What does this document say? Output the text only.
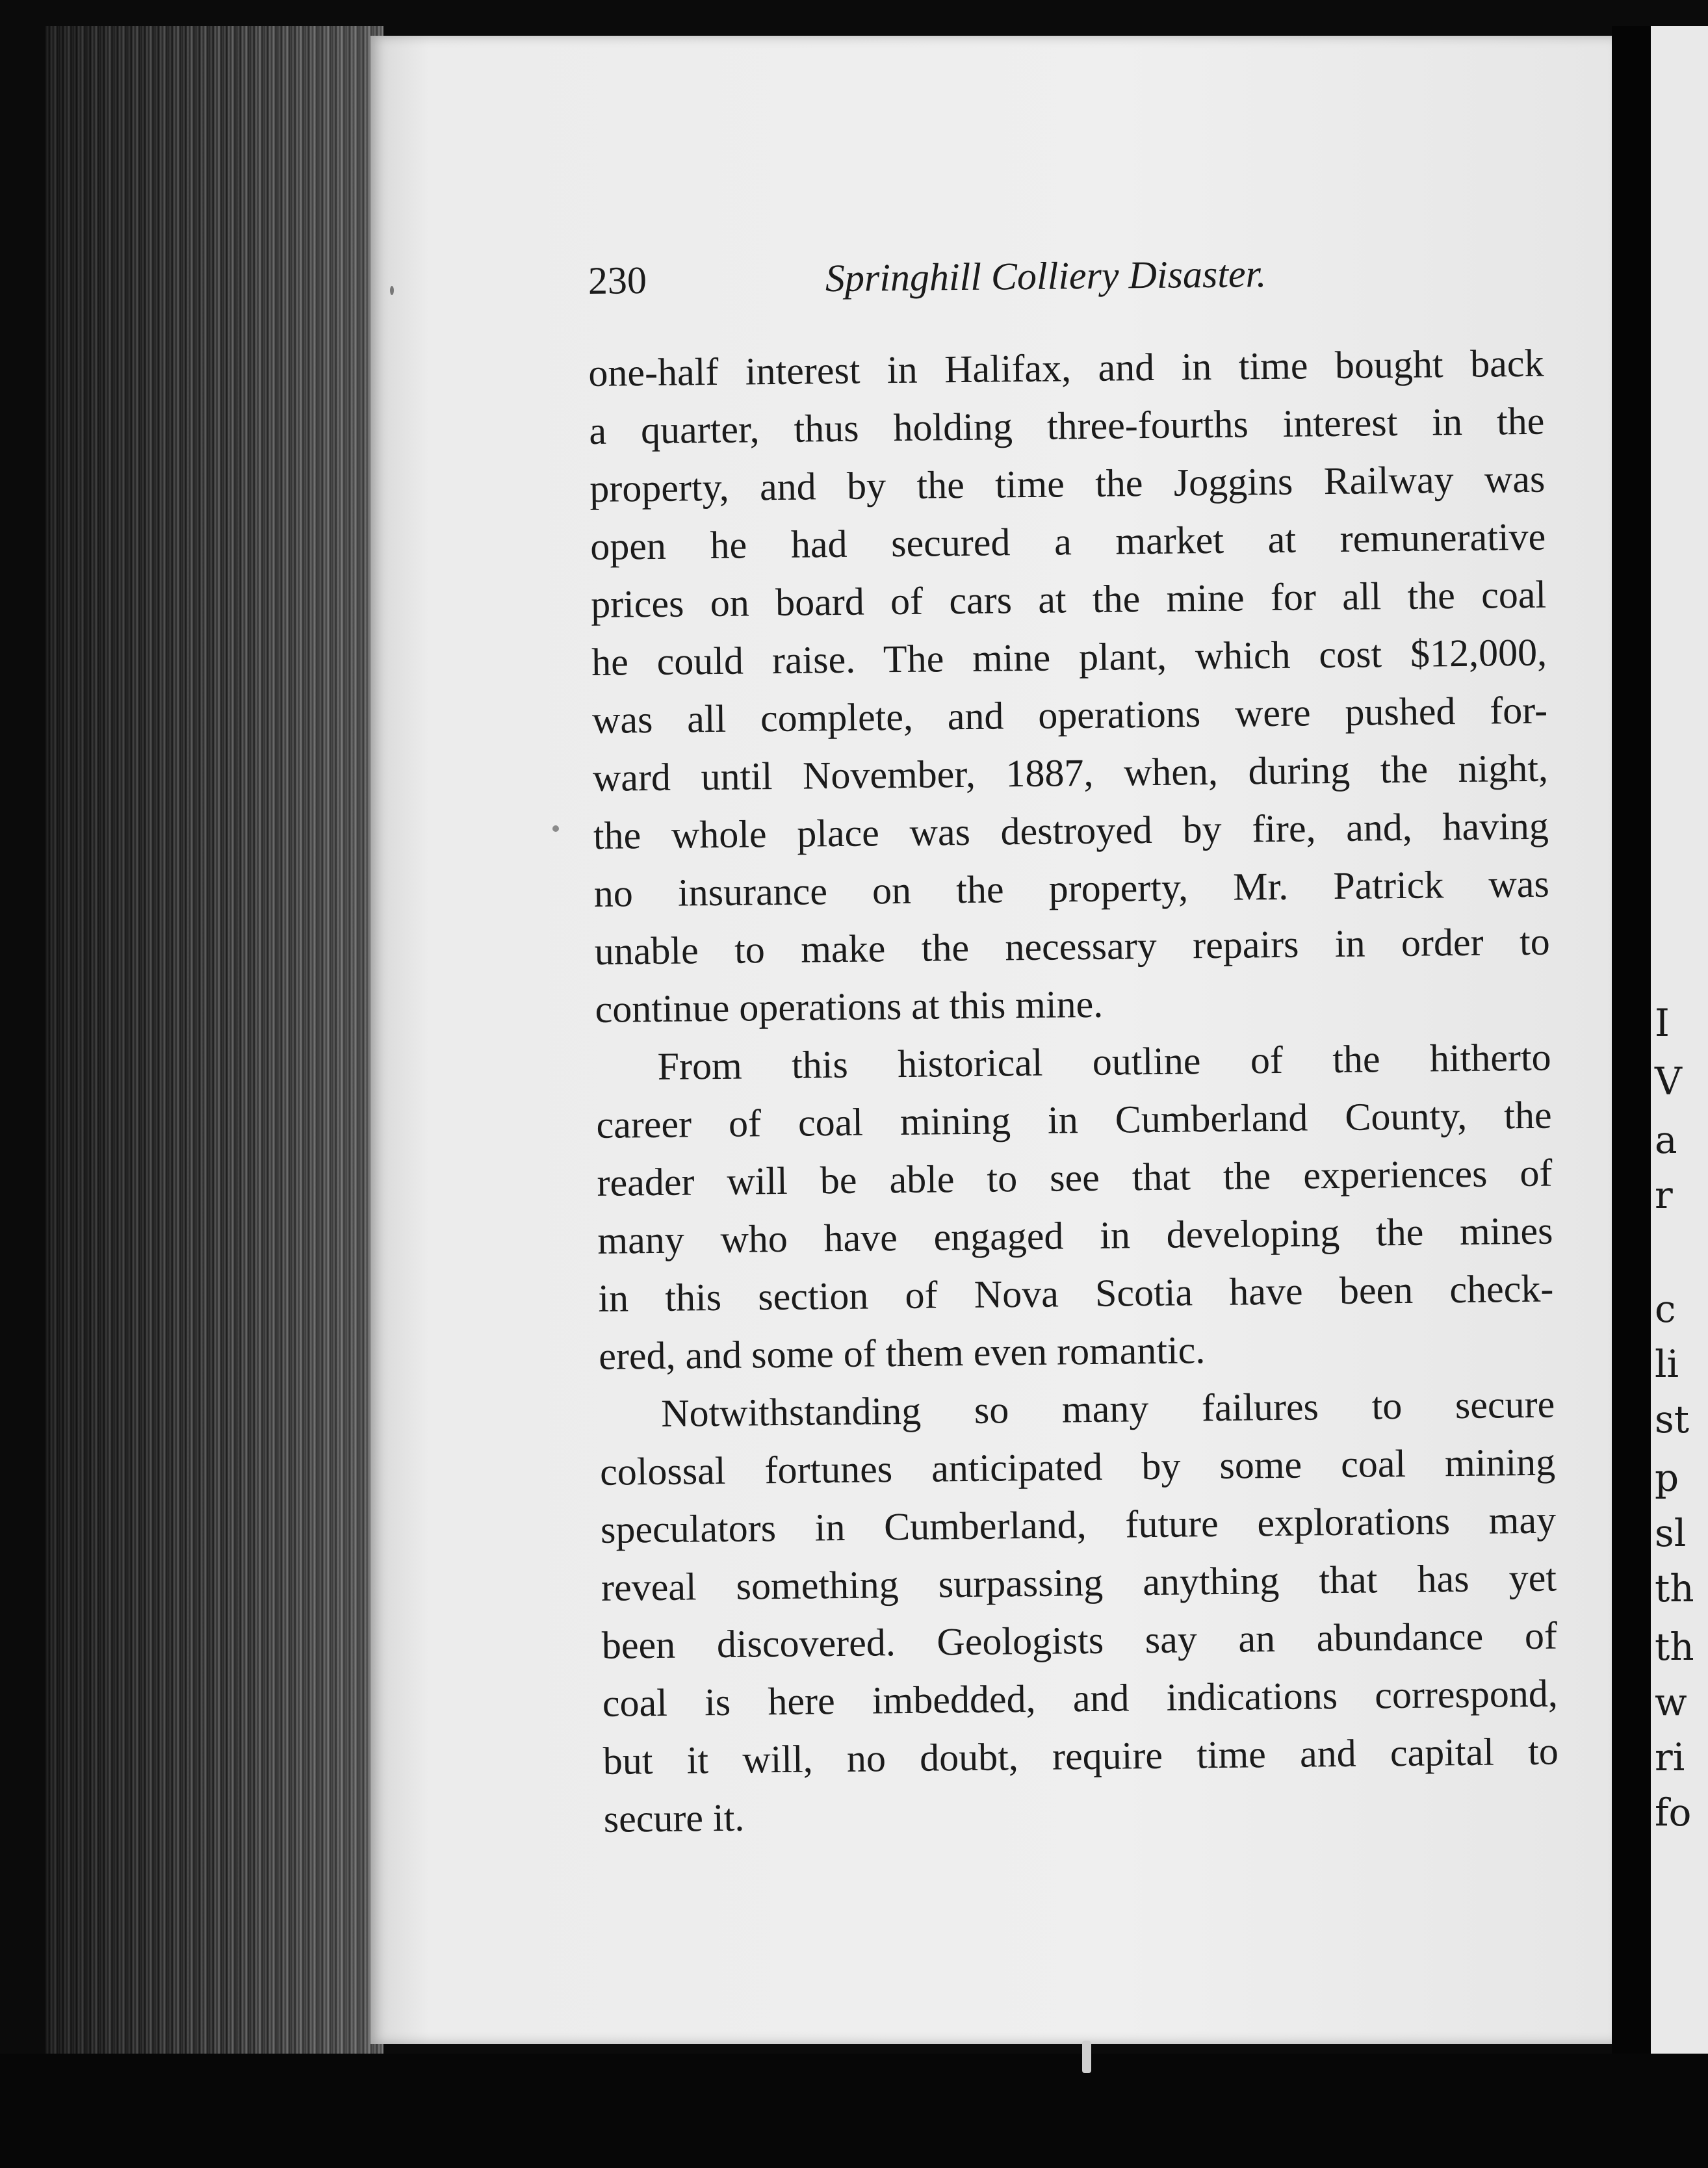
230	Springhill Colliery Disaster.
one-half interest in Halifax, and in time bought back
a quarter, thus holding three-fourths interest in the
property, and by the time the Joggins Railway was
open he had secured a market at remunerative
prices on board of cars at the mine for all the coal
he could raise. The mine plant, which cost $12,000,
was all complete, and operations were pushed for-
ward until November, 1887, when, during the night,
the whole place was destroyed by fire, and, having
no insurance on the property, Mr. Patrick was
unable to make the necessary repairs in order to
continue operations at this mine.
From this historical outline of the hitherto
career of coal mining in Cumberland County, the
reader will be able to see that the experiences of
many who have engaged in developing the mines
in this section of Nova Scotia have been check-
ered, and some of them even romantic.
Notwithstanding so many failures to secure
colossal fortunes anticipated by some coal mining
speculators in Cumberland, future explorations may
reveal something surpassing anything that has yet
been discovered. Geologists say an abundance of
coal is here imbedded, and indications correspond,
but it will, no doubt, require time and capital to
secure it.
I
V
a
r
c
li
st
p
sl
th
th
w
ri
fo
